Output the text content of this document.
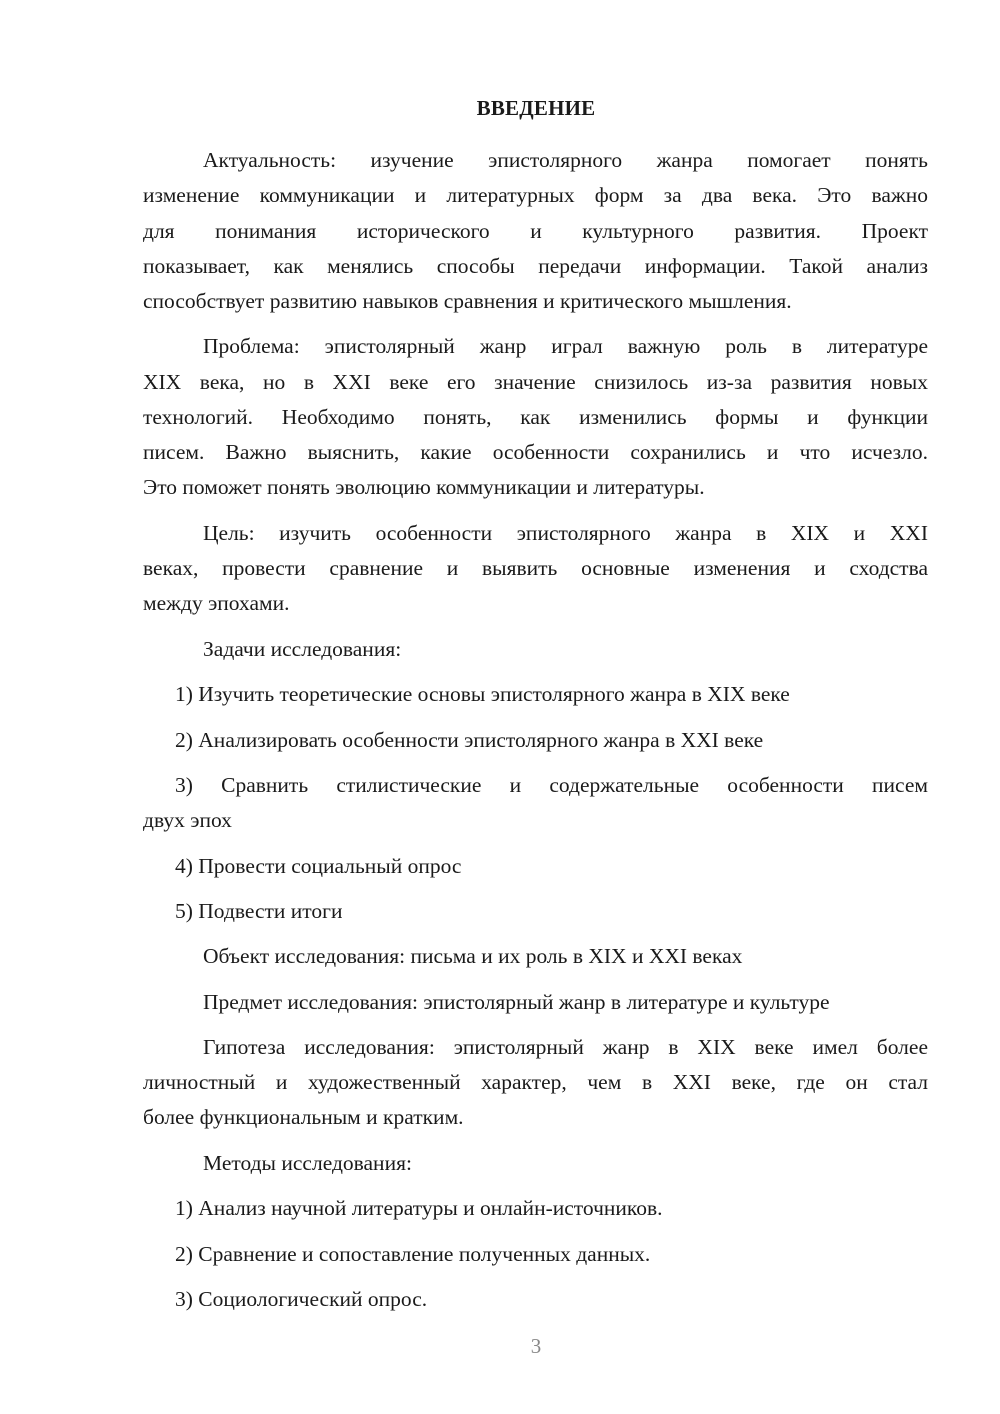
ВВЕДЕНИЕ
Актуальность: изучение эпистолярного жанра помогает понять
изменение коммуникации и литературных форм за два века. Это важно
для понимания исторического и культурного развития. Проект
показывает, как менялись способы передачи информации. Такой анализ
способствует развитию навыков сравнения и критического мышления.
Проблема: эпистолярный жанр играл важную роль в литературе
XIX века, но в XXI веке его значение снизилось из-за развития новых
технологий. Необходимо понять, как изменились формы и функции
писем. Важно выяснить, какие особенности сохранились и что исчезло.
Это поможет понять эволюцию коммуникации и литературы.
Цель: изучить особенности эпистолярного жанра в XIX и XXI
веках, провести сравнение и выявить основные изменения и сходства
между эпохами.
Задачи исследования:
1) Изучить теоретические основы эпистолярного жанра в XIX веке
2) Анализировать особенности эпистолярного жанра в XXI веке
3) Сравнить стилистические и содержательные особенности писем
двух эпох
4) Провести социальный опрос
5) Подвести итоги
Объект исследования: письма и их роль в XIX и XXI веках
Предмет исследования: эпистолярный жанр в литературе и культуре
Гипотеза исследования: эпистолярный жанр в XIX веке имел более
личностный и художественный характер, чем в XXI веке, где он стал
более функциональным и кратким.
Методы исследования:
1) Анализ научной литературы и онлайн-источников.
2) Сравнение и сопоставление полученных данных.
3) Социологический опрос.
3
